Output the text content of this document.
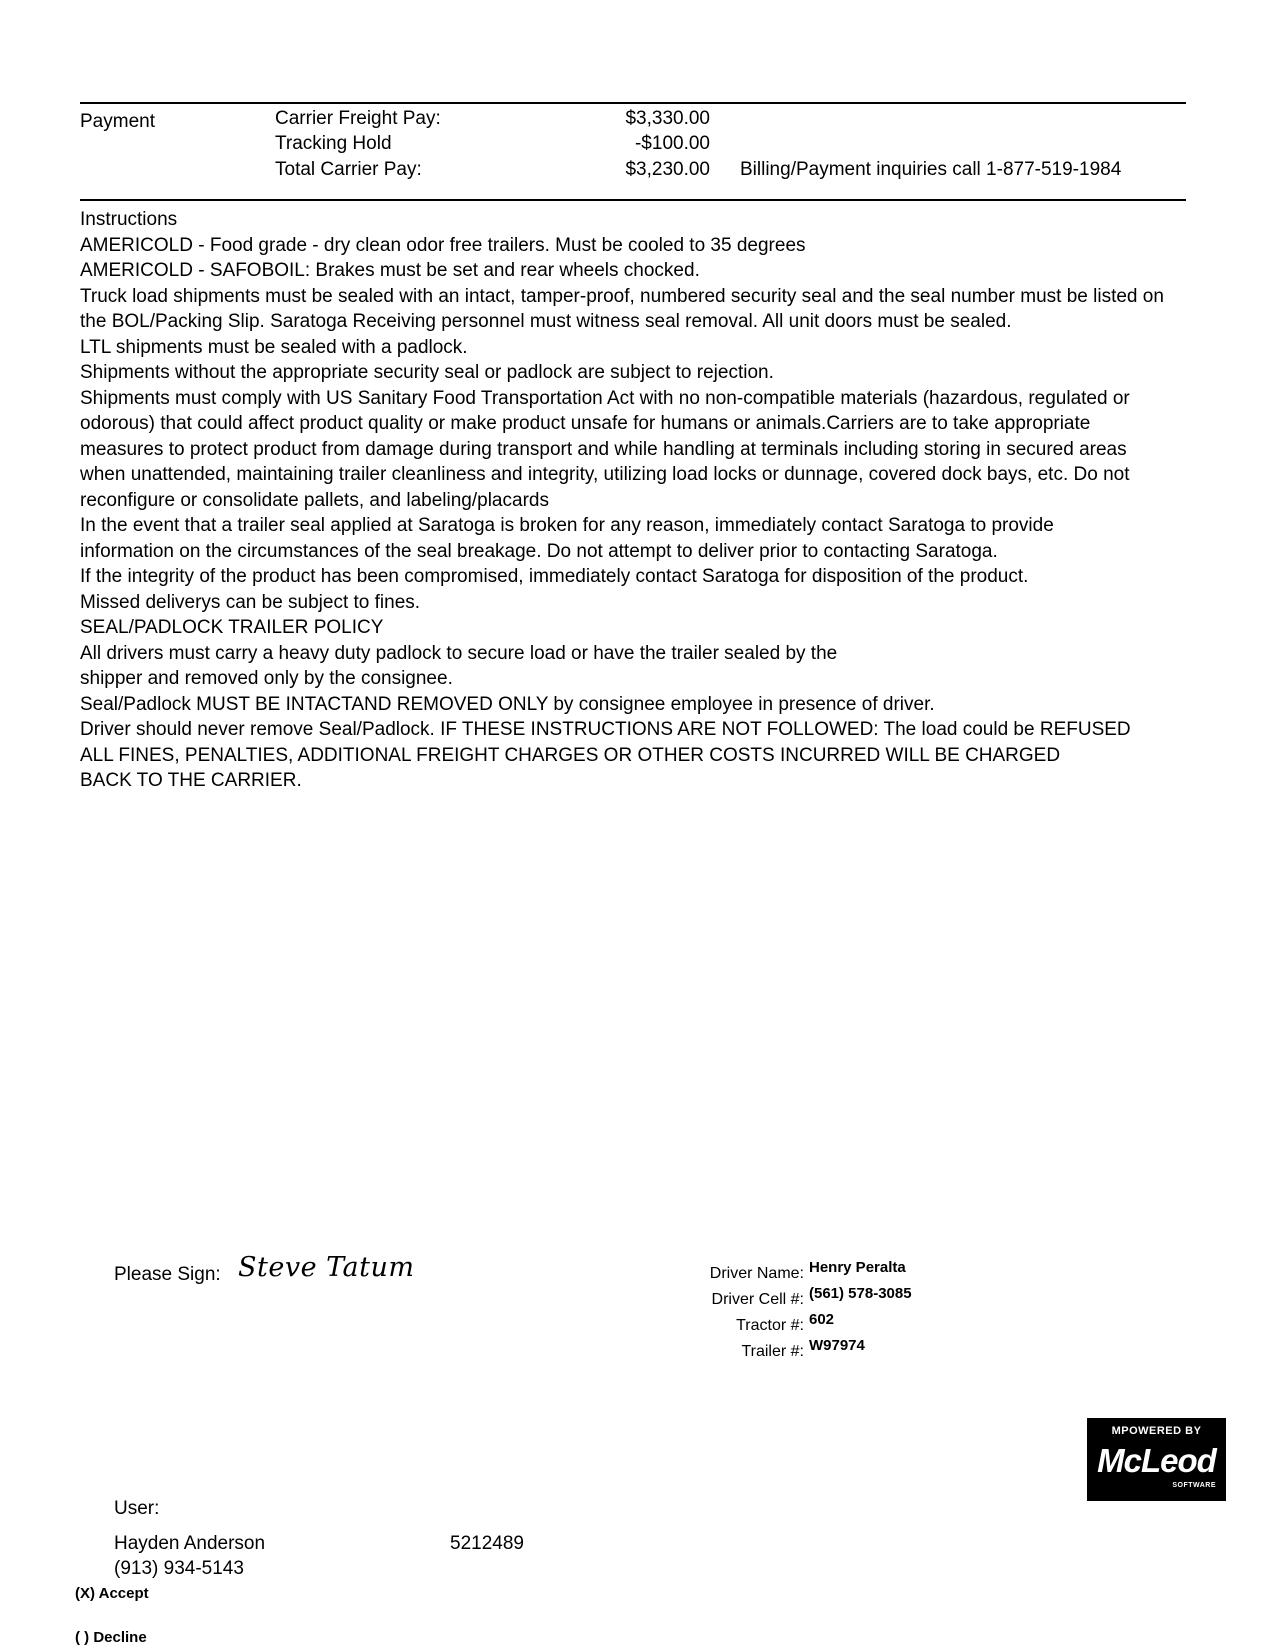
Payment	Carrier Freight Pay:	$3,330.00
Tracking Hold	-$100.00
Total Carrier Pay:	$3,230.00 Billing/Payment inquiries call 1-877-519-1984
Instructions
AMERICOLD - Food grade - dry clean odor free trailers. Must be cooled to 35 degrees
AMERICOLD - SAFOBOIL: Brakes must be set and rear wheels chocked.
Truck load shipments must be sealed with an intact, tamper-proof, numbered security seal and the seal number must be listed on the BOL/Packing Slip. Saratoga Receiving personnel must witness seal removal. All unit doors must be sealed.
LTL shipments must be sealed with a padlock.
Shipments without the appropriate security seal or padlock are subject to rejection.
Shipments must comply with US Sanitary Food Transportation Act with no non-compatible materials (hazardous, regulated or odorous) that could affect product quality or make product unsafe for humans or animals.Carriers are to take appropriate measures to protect product from damage during transport and while handling at terminals including storing in secured areas when unattended, maintaining trailer cleanliness and integrity, utilizing load locks or dunnage, covered dock bays, etc. Do not reconfigure or consolidate pallets, and labeling/placards
In the event that a trailer seal applied at Saratoga is broken for any reason, immediately contact Saratoga to provide information on the circumstances of the seal breakage. Do not attempt to deliver prior to contacting Saratoga.
If the integrity of the product has been compromised, immediately contact Saratoga for disposition of the product.
Missed deliverys can be subject to fines.
SEAL/PADLOCK TRAILER POLICY
All drivers must carry a heavy duty padlock to secure load or have the trailer sealed by the
shipper and removed only by the consignee.
Seal/Padlock MUST BE INTACTAND REMOVED ONLY by consignee employee in presence of driver.
Driver should never remove Seal/Padlock. IF THESE INSTRUCTIONS ARE NOT FOLLOWED: The load could be REFUSED
ALL FINES, PENALTIES, ADDITIONAL FREIGHT CHARGES OR OTHER COSTS INCURRED WILL BE CHARGED BACK TO THE CARRIER.
Please Sign: Steve Tatum	Driver Name: Henry Peralta
Driver Cell #: (561) 578-3085
Tractor #: 602
Trailer #: W97974
MPOWERED BY
McLeod
SOFTWARE
User:
Hayden Anderson	5212489
(913) 934-5143
(X) Accept
( ) Decline
